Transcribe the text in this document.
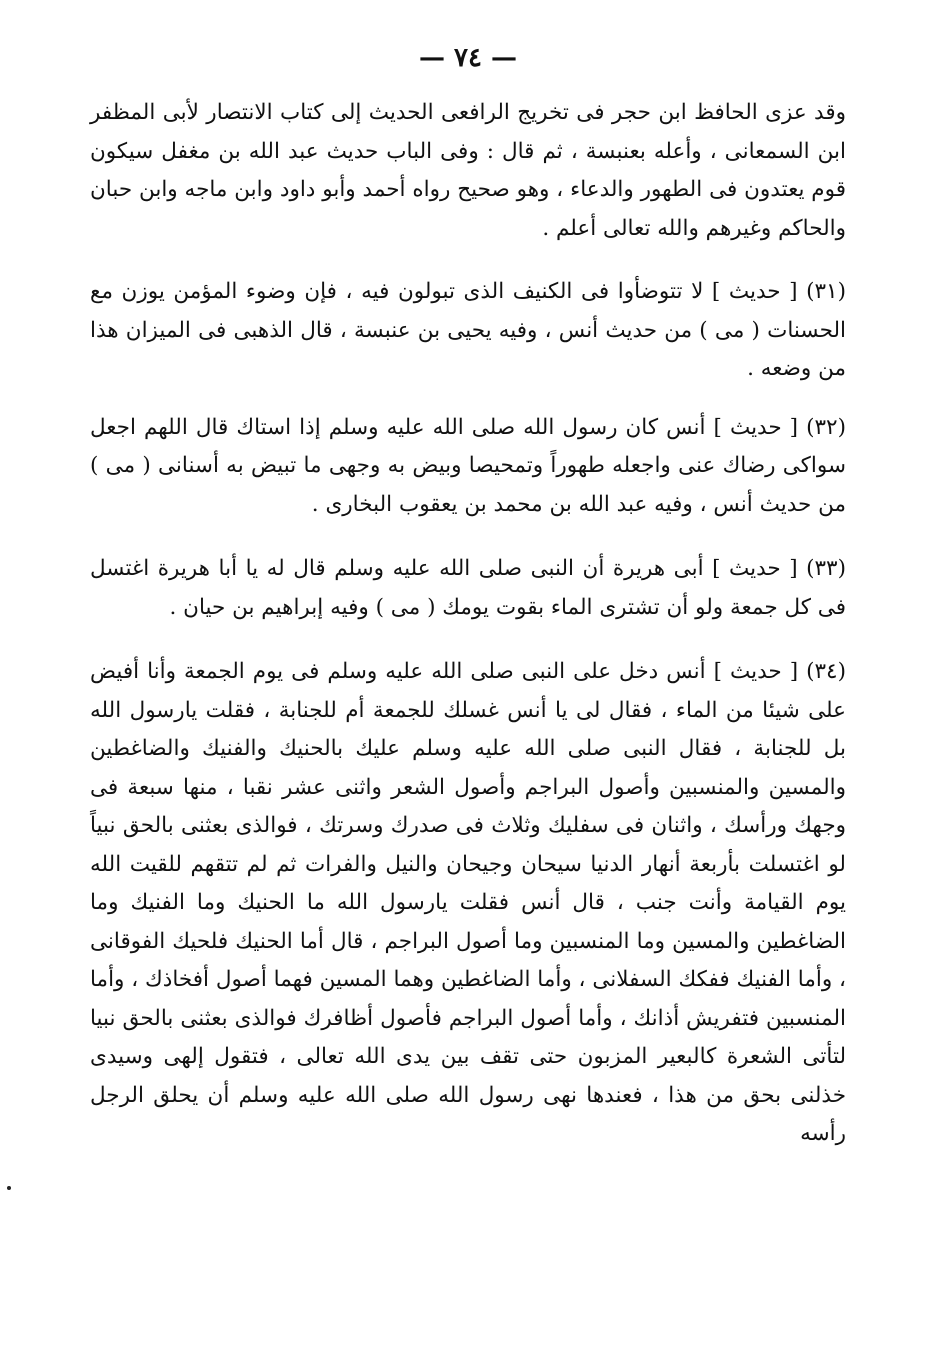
— ٧٤ —

وقد عزى الحافظ ابن حجر فى تخريج الرافعى الحديث إلى كتاب الانتصار لأبى المظفر ابن السمعانى ، وأعله بعنبسة ، ثم قال : وفى الباب حديث عبد الله بن مغفل سيكون قوم يعتدون فى الطهور والدعاء ، وهو صحيح رواه أحمد وأبو داود وابن ماجه وابن حبان والحاكم وغيرهم والله تعالى أعلم .

(٣١) [ حديث ] لا تتوضأوا فى الكنيف الذى تبولون فيه ، فإن وضوء المؤمن يوزن مع الحسنات ( مى ) من حديث أنس ، وفيه يحيى بن عنبسة ، قال الذهبى فى الميزان هذا من وضعه .

(٣٢) [ حديث ] أنس كان رسول الله صلى الله عليه وسلم إذا استاك قال اللهم اجعل سواكى رضاك عنى واجعله طهوراً وتمحيصا وبيض به وجهى ما تبيض به أسنانى ( مى ) من حديث أنس ، وفيه عبد الله بن محمد بن يعقوب البخارى .

(٣٣) [ حديث ] أبى هريرة أن النبى صلى الله عليه وسلم قال له يا أبا هريرة اغتسل فى كل جمعة ولو أن تشترى الماء بقوت يومك ( مى ) وفيه إبراهيم بن حيان .

(٣٤) [ حديث ] أنس دخل على النبى صلى الله عليه وسلم فى يوم الجمعة وأنا أفيض على شيئا من الماء ، فقال لى يا أنس غسلك للجمعة أم للجنابة ، فقلت يارسول الله بل للجنابة ، فقال النبى صلى الله عليه وسلم عليك بالحنيك والفنيك والضاغطين والمسين والمنسبين وأصول البراجم وأصول الشعر واثنى عشر نقبا ، منها سبعة فى وجهك ورأسك ، واثنان فى سفليك وثلاث فى صدرك وسرتك ، فوالذى بعثنى بالحق نبياً لو اغتسلت بأربعة أنهار الدنيا سيحان وجيحان والنيل والفرات ثم لم تتقهم للقيت الله يوم القيامة وأنت جنب ، قال أنس فقلت يارسول الله ما الحنيك وما الفنيك وما الضاغطين والمسين وما المنسبين وما أصول البراجم ، قال أما الحنيك فلحيك الفوقانى ، وأما الفنيك ففكك السفلانى ، وأما الضاغطين وهما المسين فهما أصول أفخاذك ، وأما المنسبين فتفريش أذانك ، وأما أصول البراجم فأصول أظافرك فوالذى بعثنى بالحق نبيا لتأتى الشعرة كالبعير المزبون حتى تقف بين يدى الله تعالى ، فتقول إلهى وسيدى خذلنى بحق من هذا ، فعندها نهى رسول الله صلى الله عليه وسلم أن يحلق الرجل رأسه
